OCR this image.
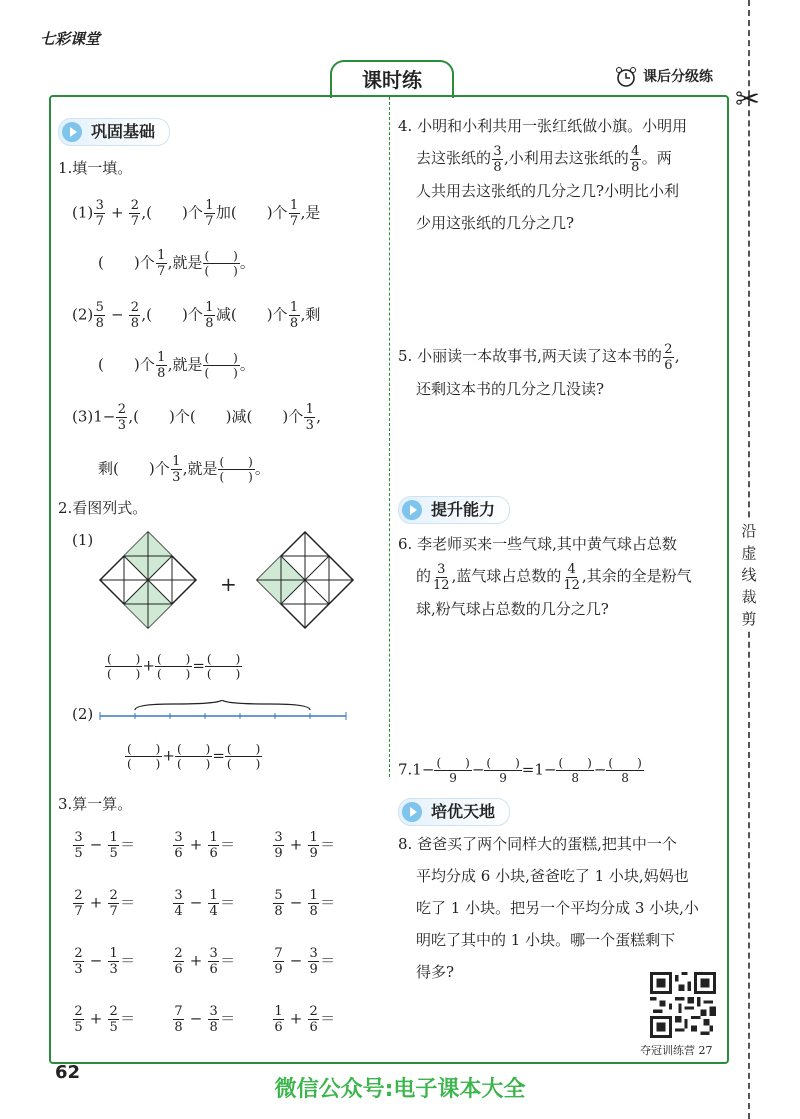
七彩课堂
课时练	课后分级练
✂
沿
虚
线
裁
剪
巩固基础
1.填一填。
$(1) \frac{3}{7} + \frac{2}{7}$ ,(　　)个 $\frac{1}{7}$ 加(　　)个 $\frac{1}{7}$ ,是
(　　)个 $\frac{1}{7}$ ,就是 (　　)
(　　) 。
$(2) \frac{5}{8} - \frac{2}{8}$ ,(　　)个 $\frac{1}{8}$ 减(　　)个 $\frac{1}{8}$ ,剩
(　　)个 $\frac{1}{8}$ ,就是 (　　)
(　　) 。
$(3)1- \frac{2}{3}$ ,(　　)个(　　)减(　　)个 $\frac{1}{3}$ ,
剩(　　)个 $\frac{1}{3}$ ,就是 (　　)
(　　) 。
2.看图列式。
(1)
+
(　　)
(　　) + (　　)
(　　) = (　　)
(　　)
(2)
(　　)
(　　) + (　　)
(　　) = (　　)
(　　)
3.算一算。
$\frac{3}{5} - \frac{1}{5}$ ＝	$\frac{3}{6} + \frac{1}{6}$ ＝	$\frac{3}{9} + \frac{1}{9}$ ＝
$\frac{2}{7} + \frac{2}{7}$ ＝	$\frac{3}{4} - \frac{1}{4}$ ＝	$\frac{5}{8} - \frac{1}{8}$ ＝
$\frac{2}{3} - \frac{1}{3}$ ＝	$\frac{2}{6} + \frac{3}{6}$ ＝	$\frac{7}{9} - \frac{3}{9}$ ＝
$\frac{2}{5} + \frac{2}{5}$ ＝	$\frac{7}{8} - \frac{3}{8}$ ＝	$\frac{1}{6} + \frac{2}{6}$ ＝
4. 小明和小利共用一张红纸做小旗。小明用
去这张纸的 $\frac{3}{8}$ ,小利用去这张纸的 $\frac{4}{8}$ 。两
人共用去这张纸的几分之几?小明比小利
少用这张纸的几分之几?
5. 小丽读一本故事书,两天读了这本书的 $\frac{2}{6}$ ,
还剩这本书的几分之几没读?
提升能力
6. 李老师买来一些气球,其中黄气球占总数
的 $\frac{3}{12}$ ,蓝气球占总数的 $\frac{4}{12}$ ,其余的全是粉气
球,粉气球占总数的几分之几?
7.1− (　　)
9 − (　　)
9 =1− (　　)
8 − (　　)
8
培优天地
8. 爸爸买了两个同样大的蛋糕,把其中一个
平均分成 6 小块,爸爸吃了 1 小块,妈妈也
吃了 1 小块。把另一个平均分成 3 小块,小
明吃了其中的 1 小块。哪一个蛋糕剩下
得多?
夺冠训练营 27
62
微信公众号:电子课本大全
